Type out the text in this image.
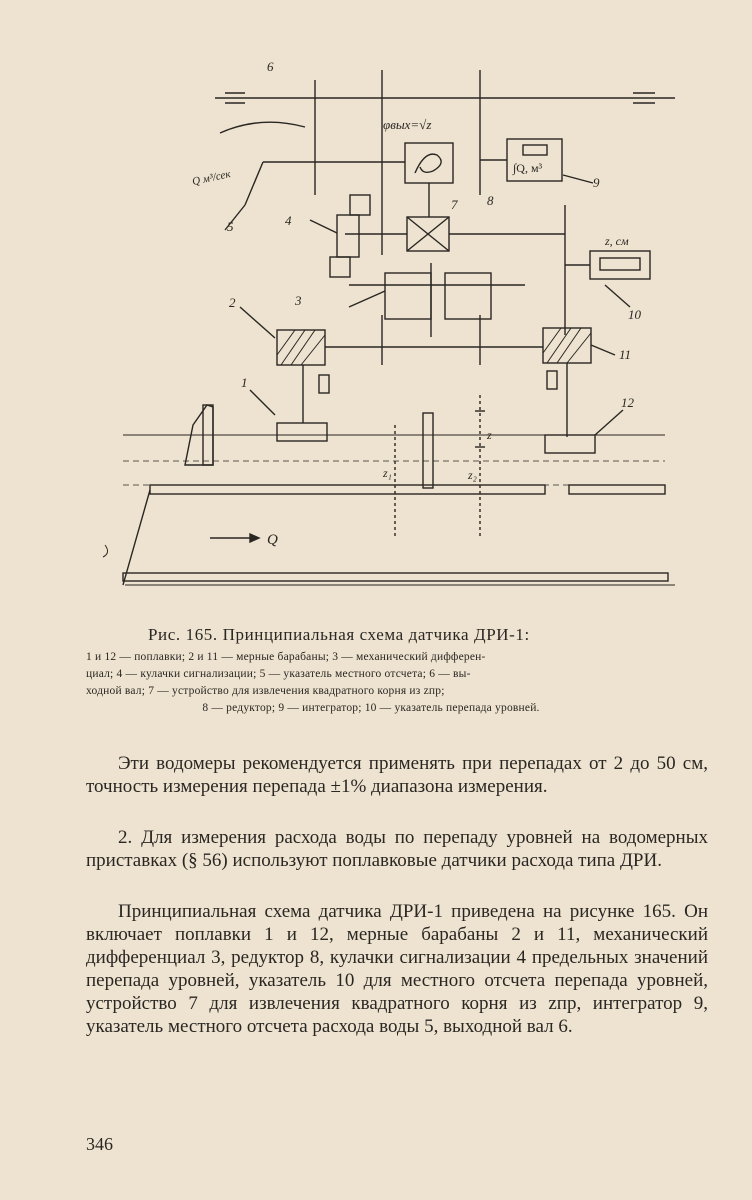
6
φвых=√z
Q м³/сек
5
∫Q, м³
9
7 8
4
z, см
10
2	3
11
1
12
z
z₁	z₂
Q
Рис. 165. Принципиальная схема датчика ДРИ-1:

1 и 12 — поплавки; 2 и 11 — мерные барабаны; 3 — механический дифферен-

циал; 4 — кулачки сигнализации; 5 — указатель местного отсчета; 6 — вы-

ходной вал; 7 — устройство для извлечения квадратного корня из zпр;

8 — редуктор; 9 — интегратор; 10 — указатель перепада уровней.

Эти водомеры рекомендуется применять при перепадах от 2 до 50 см, точность измерения перепада ±1% диапазона измерения.

2. Для измерения расхода воды по перепаду уровней на водомерных приставках (§ 56) используют поплавковые датчики расхода типа ДРИ.

Принципиальная схема датчика ДРИ-1 приведена на рисунке 165. Он включает поплавки 1 и 12, мерные барабаны 2 и 11, механический дифференциал 3, редуктор 8, кулачки сигнализации 4 предельных значений перепада уровней, указатель 10 для местного отсчета перепада уровней, устройство 7 для извлечения квадратного корня из zпр, интегратор 9, указатель местного отсчета расхода воды 5, выходной вал 6.

346
